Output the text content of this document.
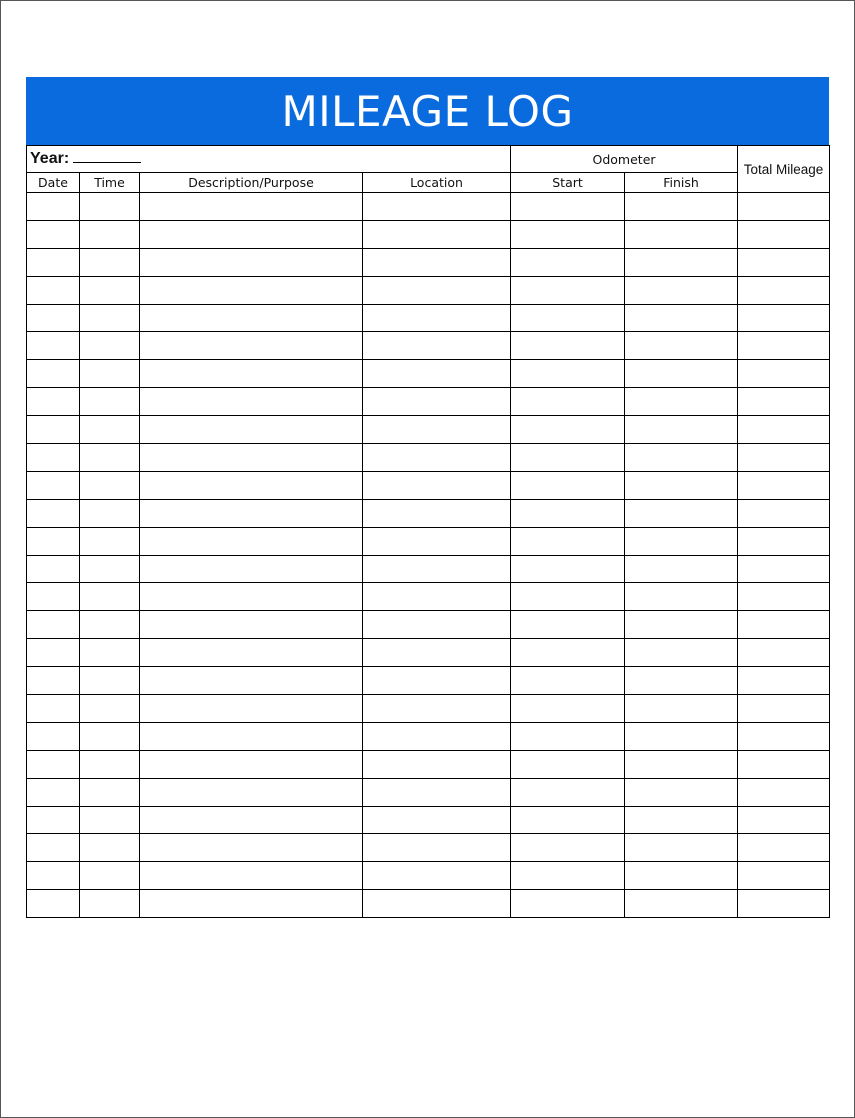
MILEAGE LOG
Year:				Odometer		Total Mileage
Date	Time	Description/Purpose	Location	Start	Finish	
